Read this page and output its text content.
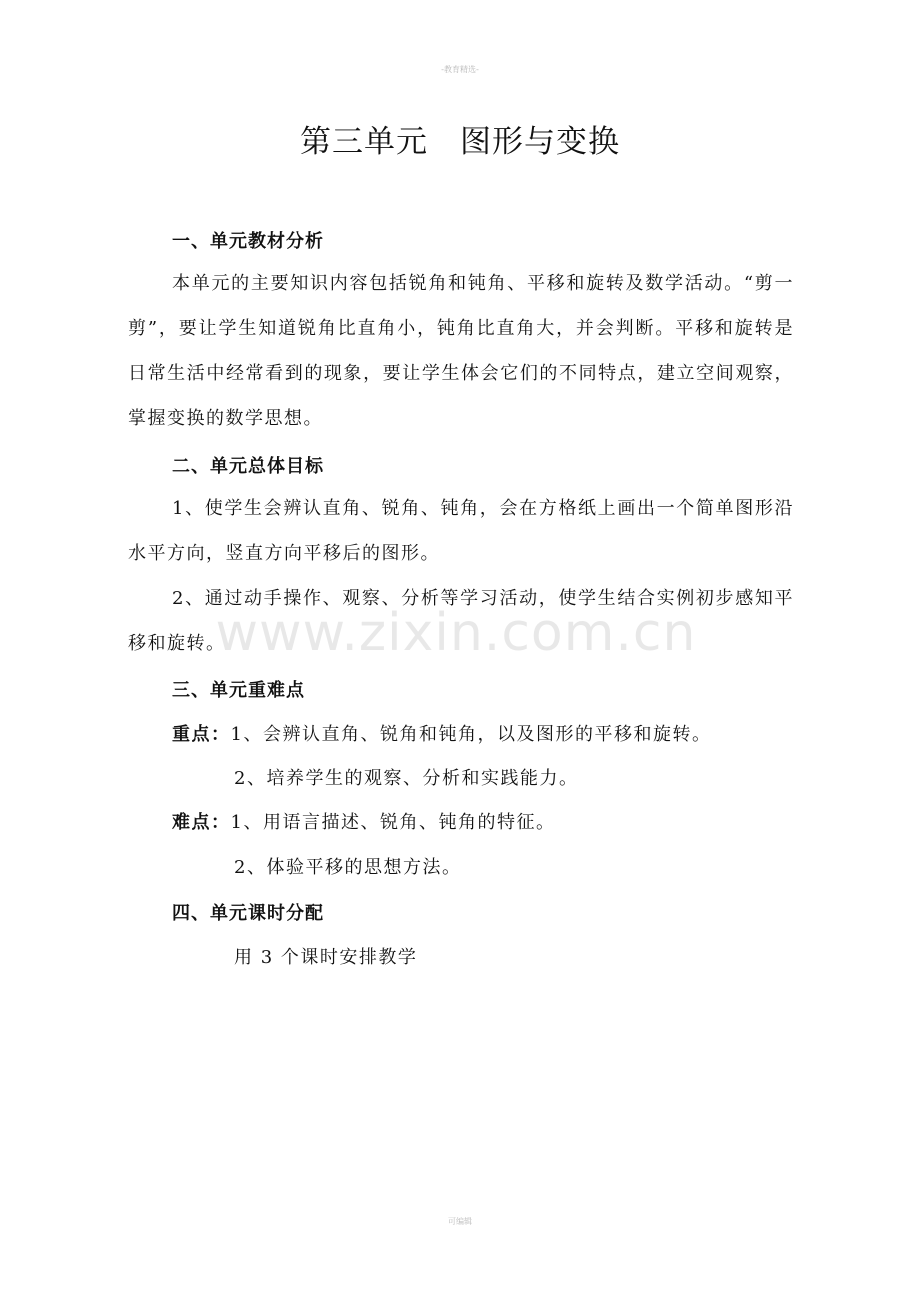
-教育精选-
第三单元　图形与变换
一、单元教材分析
本单元的主要知识内容包括锐角和钝角、平移和旋转及数学活动。“剪一剪”，要让学生知道锐角比直角小，钝角比直角大，并会判断。平移和旋转是日常生活中经常看到的现象，要让学生体会它们的不同特点，建立空间观察，掌握变换的数学思想。
二、单元总体目标
1、使学生会辨认直角、锐角、钝角，会在方格纸上画出一个简单图形沿水平方向，竖直方向平移后的图形。
2、通过动手操作、观察、分析等学习活动，使学生结合实例初步感知平移和旋转。
三、单元重难点
重点：1、会辨认直角、锐角和钝角，以及图形的平移和旋转。
2、培养学生的观察、分析和实践能力。
难点：1、用语言描述、锐角、钝角的特征。
2、体验平移的思想方法。
四、单元课时分配
用 3 个课时安排教学
www.zixin.com.cn
可编辑
